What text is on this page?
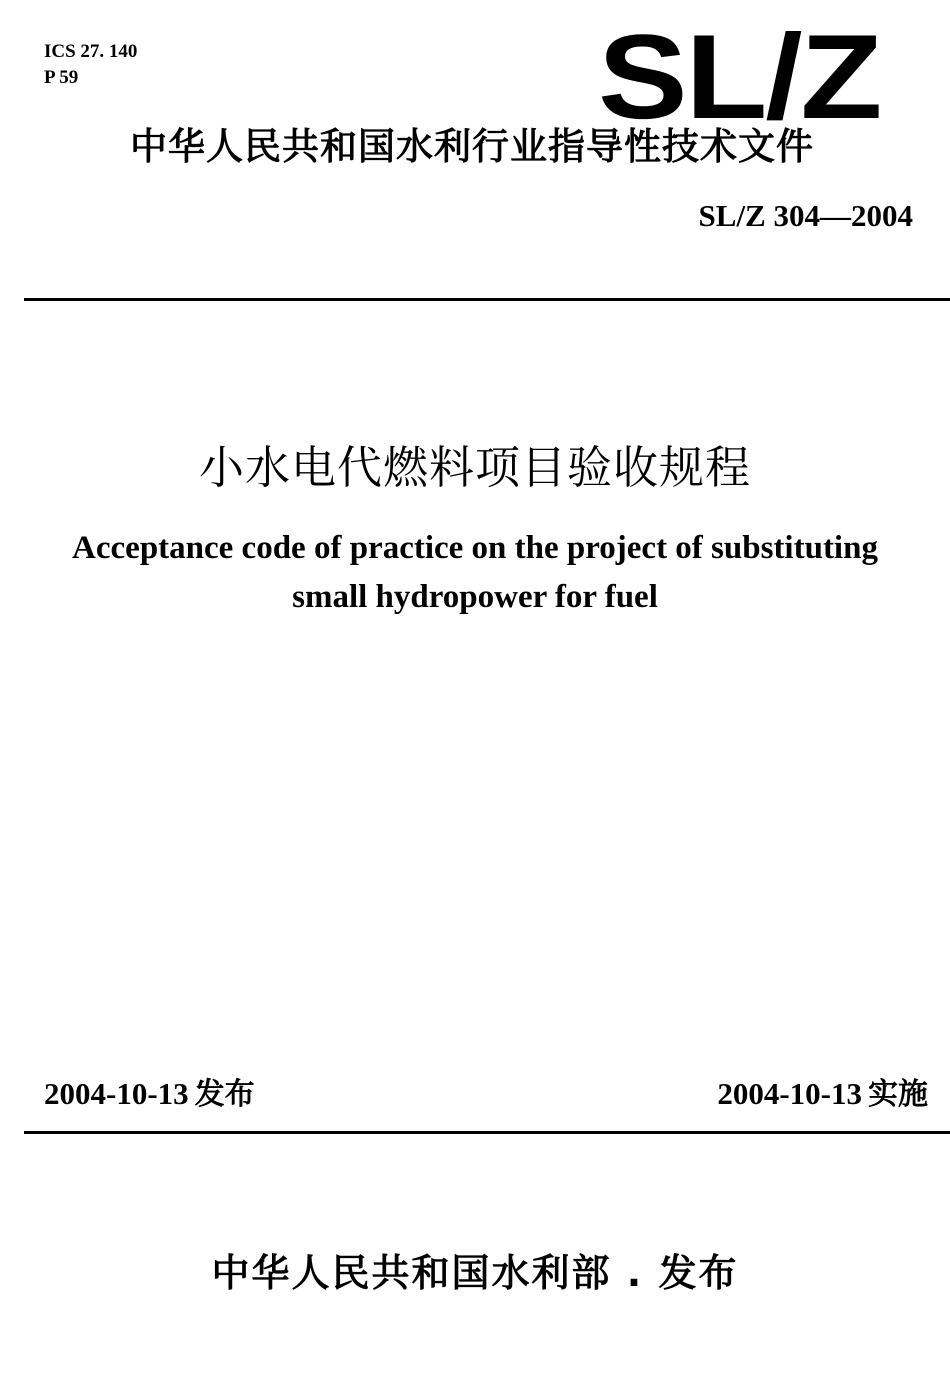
ICS 27. 140
P 59	SL/Z
中华人民共和国水利行业指导性技术文件
SL/Z 304—2004
小水电代燃料项目验收规程
Acceptance code of practice on the project of substituting
small hydropower for fuel
2004-10-13 发布	2004-10-13 实施
中华人民共和国水利部 . 发布
